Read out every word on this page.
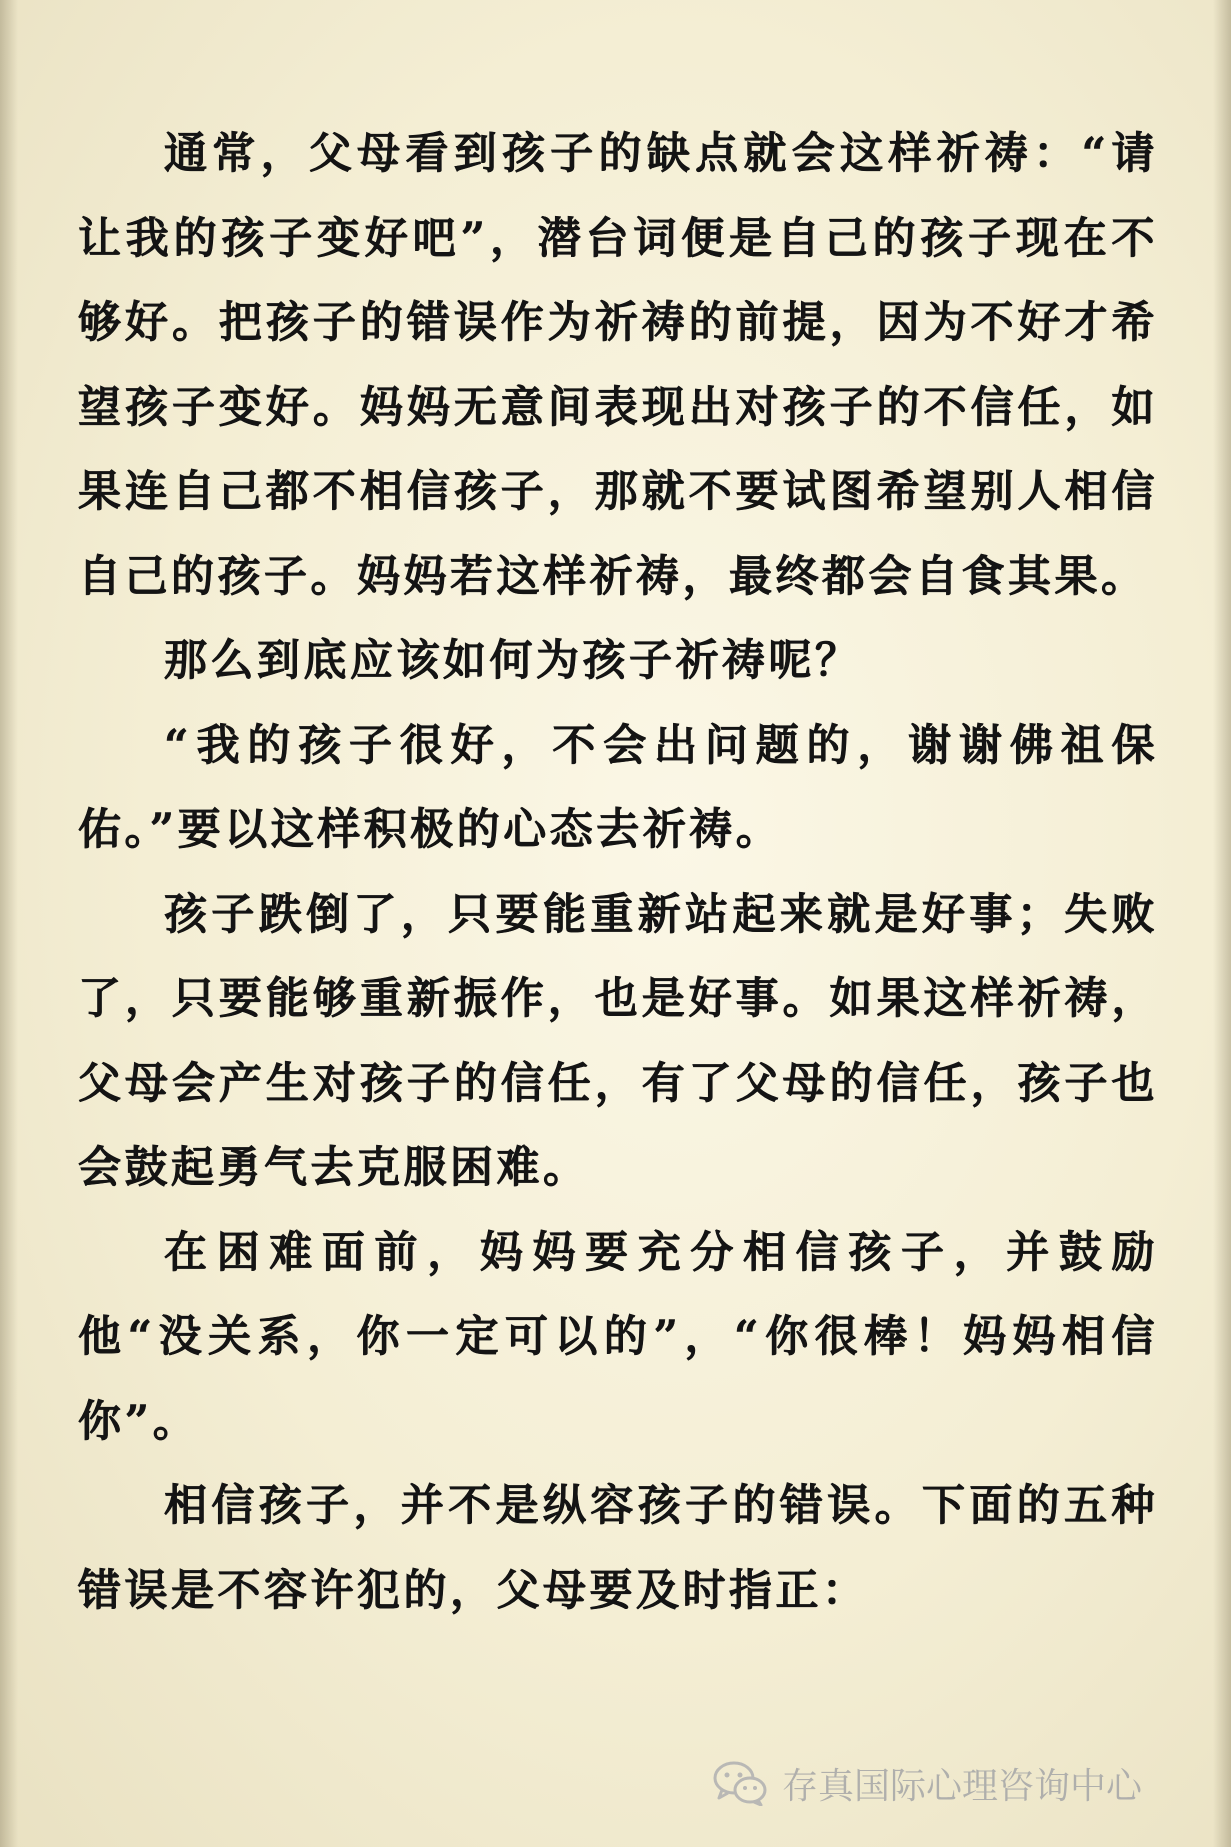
通常，父母看到孩子的缺点就会这样祈祷：“请让我的孩子变好吧”，潜台词便是自己的孩子现在不够好。把孩子的错误作为祈祷的前提，因为不好才希望孩子变好。妈妈无意间表现出对孩子的不信任，如果连自己都不相信孩子，那就不要试图希望别人相信自己的孩子。妈妈若这样祈祷，最终都会自食其果。

那么到底应该如何为孩子祈祷呢？

“我的孩子很好，不会出问题的，谢谢佛祖保佑。”要以这样积极的心态去祈祷。

孩子跌倒了，只要能重新站起来就是好事；失败了，只要能够重新振作，也是好事。如果这样祈祷，父母会产生对孩子的信任，有了父母的信任，孩子也会鼓起勇气去克服困难。

在困难面前，妈妈要充分相信孩子，并鼓励他“没关系，你一定可以的”，“你很棒！妈妈相信你”。

相信孩子，并不是纵容孩子的错误。下面的五种错误是不容许犯的，父母要及时指正：

存真国际心理咨询中心
